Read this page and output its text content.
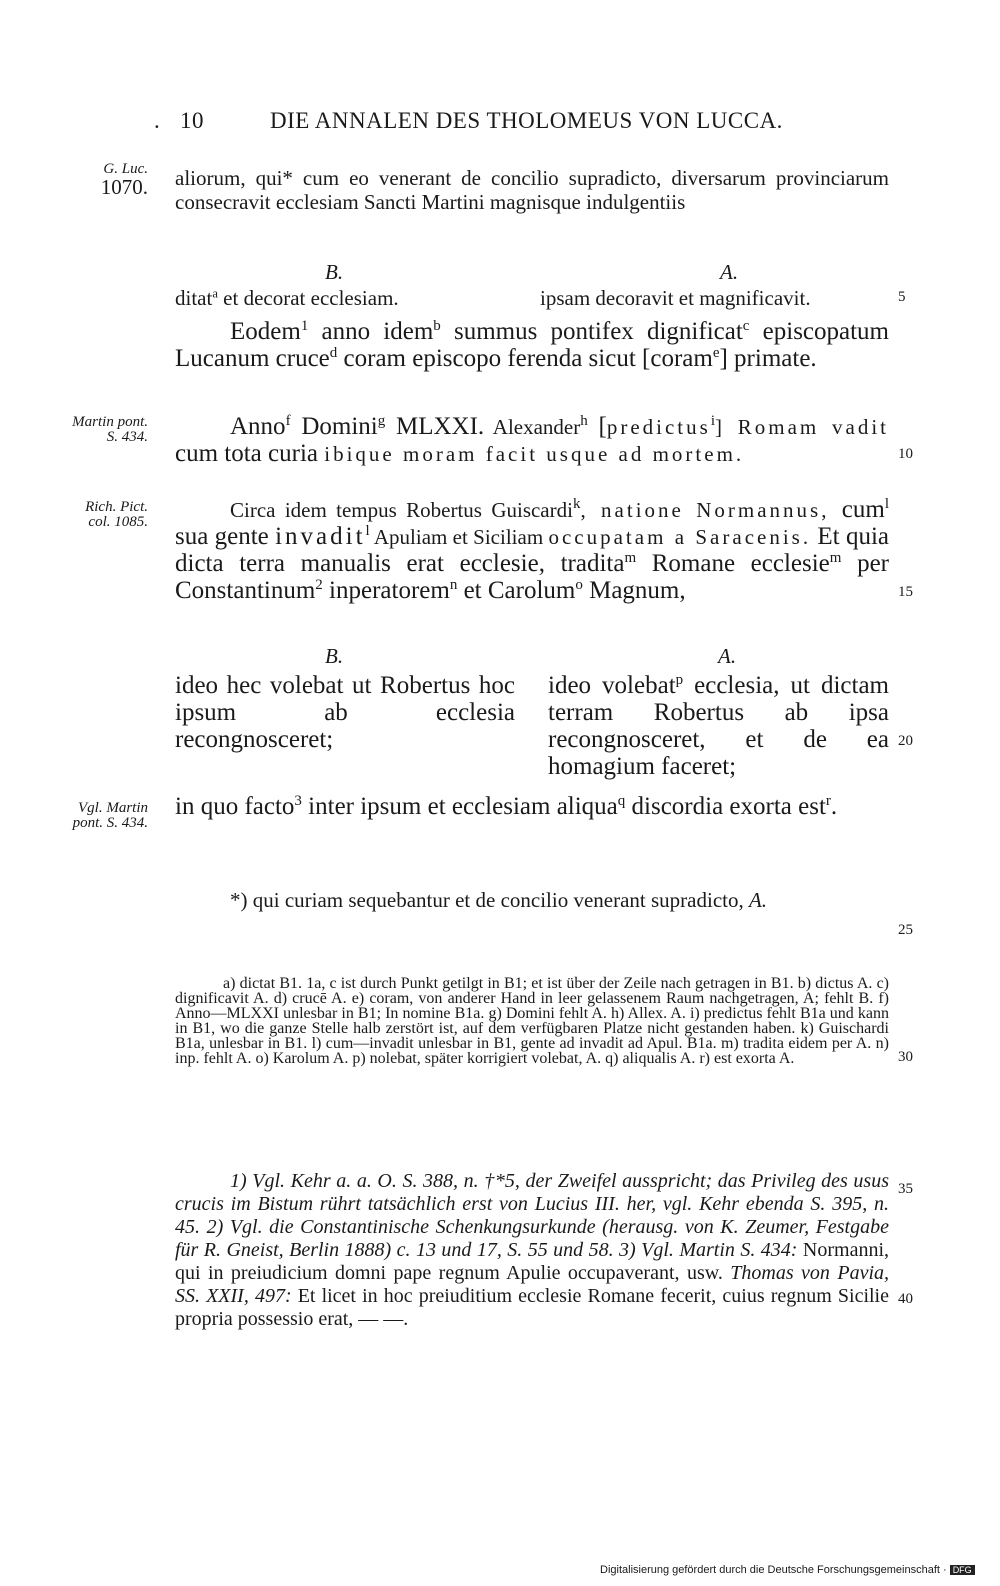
. 10	DIE ANNALEN DES THOLOMEUS VON LUCCA.
G. Luc.
1070.
Martin pont.
S. 434.
Rich. Pict.
col. 1085.
Vgl. Martin
pont. S. 434.
5
10
15
20
25
30
35
40
aliorum, qui* cum eo venerant de concilio supradicto, diversarum provinciarum consecravit ecclesiam Sancti Martini magnisque indulgentiis
B.	A.
ditat$^a$ et decorat ecclesiam.	ipsam decoravit et magnificavit.
Eodem$^1$ anno idem$^b$ summus pontifex dignificat$^c$ episcopatum Lucanum cruce$^d$ coram episcopo ferenda sicut [coram$^e$] primate.
Anno$^f$ Domini$^g$ MLXXI. Alexander$^h$ [predictus$^i$] Romam vadit cum tota curia ibique moram facit usque ad mortem.
Circa idem tempus Robertus Guiscardi$^k$, natione Normannus, cum$^l$ sua gente invadit$^l$ Apuliam et Siciliam occupatam a Saracenis. Et quia dicta terra manualis erat ecclesie, tradita$^m$ Romane ecclesie$^m$ per Constantinum$^2$ inperatorem$^n$ et Carolum$^o$ Magnum,
B.	A.
ideo hec volebat ut Robertus hoc ipsum ab ecclesia recongnosceret;
ideo volebat$^p$ ecclesia, ut dictam terram Robertus ab ipsa recongnosceret, et de ea homagium faceret;
in quo facto$^3$ inter ipsum et ecclesiam aliqua$^q$ discordia exorta est$^r$.
*) qui curiam sequebantur et de concilio venerant supradicto, A.
a) dictat B1. 1a, c ist durch Punkt getilgt in B1; et ist über der Zeile nach getragen in B1. b) dictus A. c) dignificavit A. d) crucē A. e) coram, von anderer Hand in leer gelassenem Raum nachgetragen, A; fehlt B. f) Anno—MLXXI unlesbar in B1; In nomine B1a. g) Domini fehlt A. h) Allex. A. i) predictus fehlt B1a und kann in B1, wo die ganze Stelle halb zerstört ist, auf dem verfügbaren Platze nicht gestanden haben. k) Guischardi B1a, unlesbar in B1. l) cum—invadit unlesbar in B1, gente ad invadit ad Apul. B1a. m) tradita eidem per A. n) inp. fehlt A. o) Karolum A. p) nolebat, später korrigiert volebat, A. q) aliqualis A. r) est exorta A.
1) Vgl. Kehr a. a. O. S. 388, n. †*5, der Zweifel ausspricht; das Privileg des usus crucis im Bistum rührt tatsächlich erst von Lucius III. her, vgl. Kehr ebenda S. 395, n. 45. 2) Vgl. die Constantinische Schenkungsurkunde (herausg. von K. Zeumer, Festgabe für R. Gneist, Berlin 1888) c. 13 und 17, S. 55 und 58. 3) Vgl. Martin S. 434: Normanni, qui in preiudicium domni pape regnum Apulie occupaverant, usw. Thomas von Pavia, SS. XXII, 497: Et licet in hoc preiuditium ecclesie Romane fecerit, cuius regnum Sicilie propria possessio erat, — —.
Digitalisierung gefördert durch die Deutsche Forschungsgemeinschaft · DFG
